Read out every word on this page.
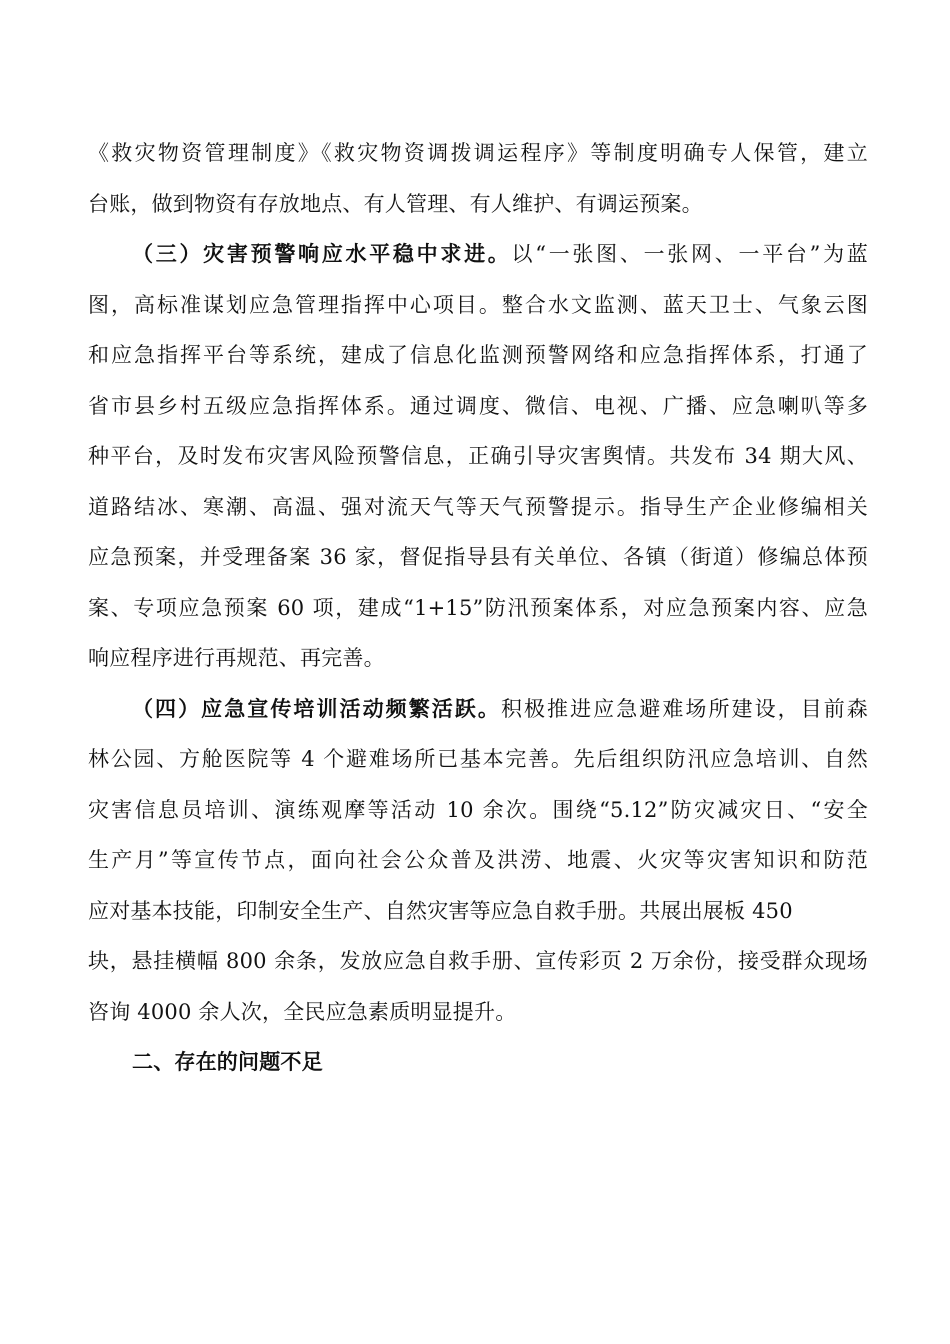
《救灾物资管理制度》《救灾物资调拨调运程序》等制度明确专人保管，建立
台账，做到物资有存放地点、有人管理、有人维护、有调运预案。
（三）灾害预警响应水平稳中求进。以“一张图、一张网、一平台”为蓝
图，高标准谋划应急管理指挥中心项目。整合水文监测、蓝天卫士、气象云图
和应急指挥平台等系统，建成了信息化监测预警网络和应急指挥体系，打通了
省市县乡村五级应急指挥体系。通过调度、微信、电视、广播、应急喇叭等多
种平台，及时发布灾害风险预警信息，正确引导灾害舆情。共发布 34 期大风、
道路结冰、寒潮、高温、强对流天气等天气预警提示。指导生产企业修编相关
应急预案，并受理备案 36 家，督促指导县有关单位、各镇（街道）修编总体预
案、专项应急预案 60 项，建成“1+15”防汛预案体系，对应急预案内容、应急
响应程序进行再规范、再完善。
（四）应急宣传培训活动频繁活跃。积极推进应急避难场所建设，目前森
林公园、方舱医院等 4 个避难场所已基本完善。先后组织防汛应急培训、自然
灾害信息员培训、演练观摩等活动 10 余次。围绕“5.12”防灾减灾日、“安全
生产月”等宣传节点，面向社会公众普及洪涝、地震、火灾等灾害知识和防范
应对基本技能，印制安全生产、自然灾害等应急自救手册。共展出展板 450
块，悬挂横幅 800 余条，发放应急自救手册、宣传彩页 2 万余份，接受群众现场
咨询 4000 余人次，全民应急素质明显提升。
二、存在的问题不足
